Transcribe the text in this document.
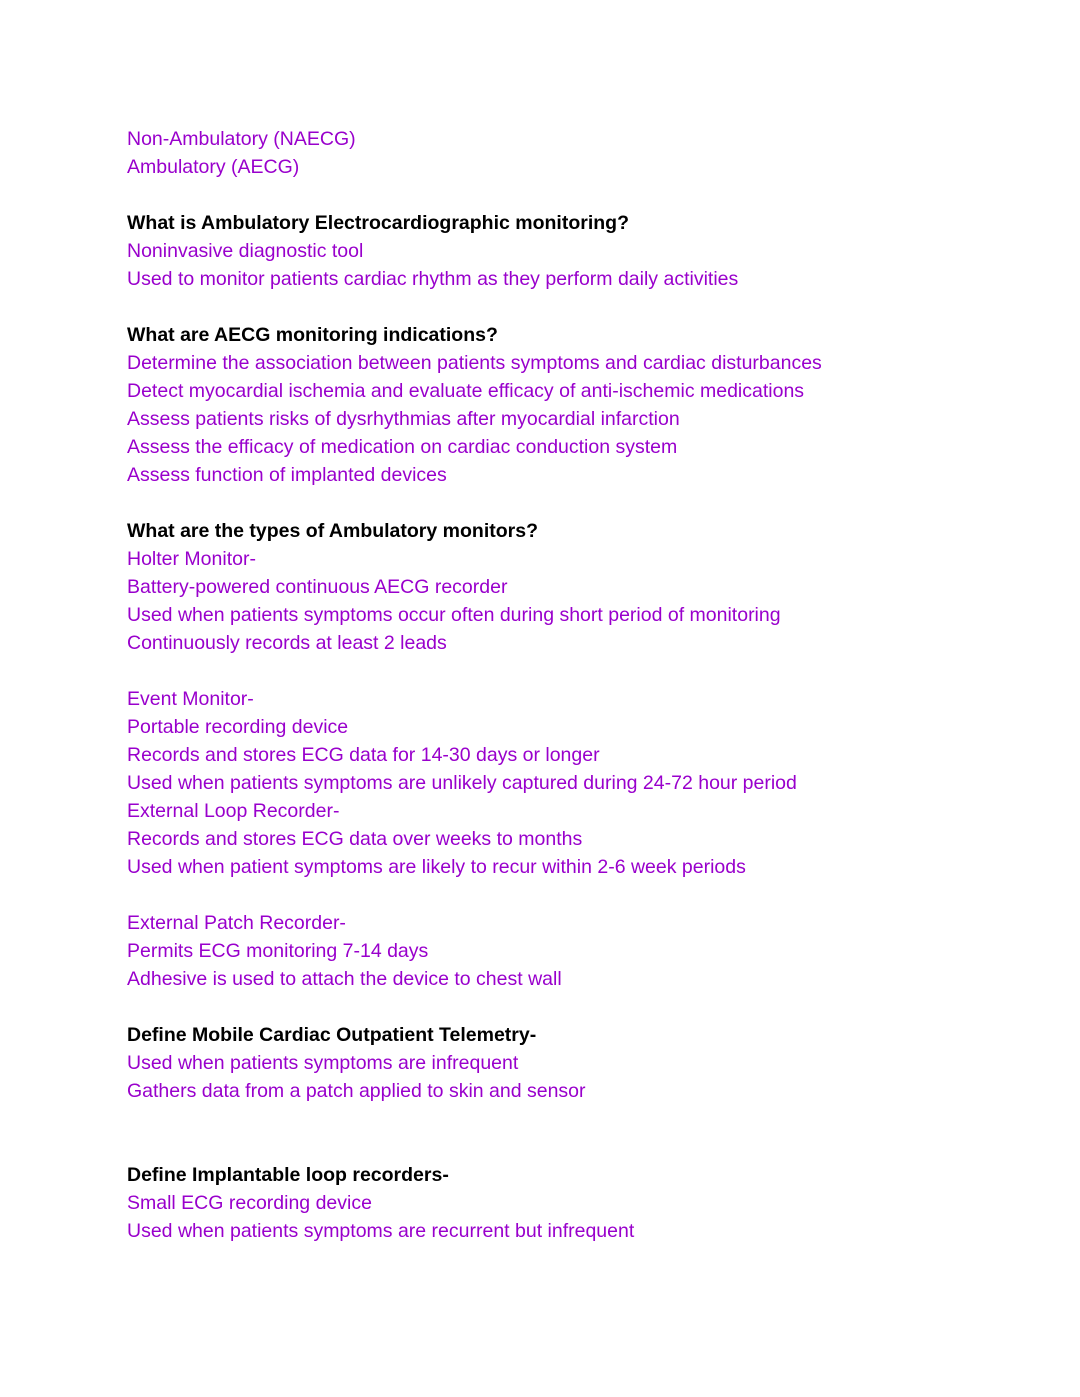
Non-Ambulatory (NAECG)
Ambulatory (AECG)
What is Ambulatory Electrocardiographic monitoring?
Noninvasive diagnostic tool
Used to monitor patients cardiac rhythm as they perform daily activities
What are AECG monitoring indications?
Determine the association between patients symptoms and cardiac disturbances
Detect myocardial ischemia and evaluate efficacy of anti-ischemic medications
Assess patients risks of dysrhythmias after myocardial infarction
Assess the efficacy of medication on cardiac conduction system
Assess function of implanted devices
What are the types of Ambulatory monitors?
Holter Monitor-
Battery-powered continuous AECG recorder
Used when patients symptoms occur often during short period of monitoring
Continuously records at least 2 leads
Event Monitor-
Portable recording device
Records and stores ECG data for 14-30 days or longer
Used when patients symptoms are unlikely captured during 24-72 hour period
External Loop Recorder-
Records and stores ECG data over weeks to months
Used when patient symptoms are likely to recur within 2-6 week periods
External Patch Recorder-
Permits ECG monitoring 7-14 days
Adhesive is used to attach the device to chest wall
Define Mobile Cardiac Outpatient Telemetry-
Used when patients symptoms are infrequent
Gathers data from a patch applied to skin and sensor
Define Implantable loop recorders-
Small ECG recording device
Used when patients symptoms are recurrent but infrequent
